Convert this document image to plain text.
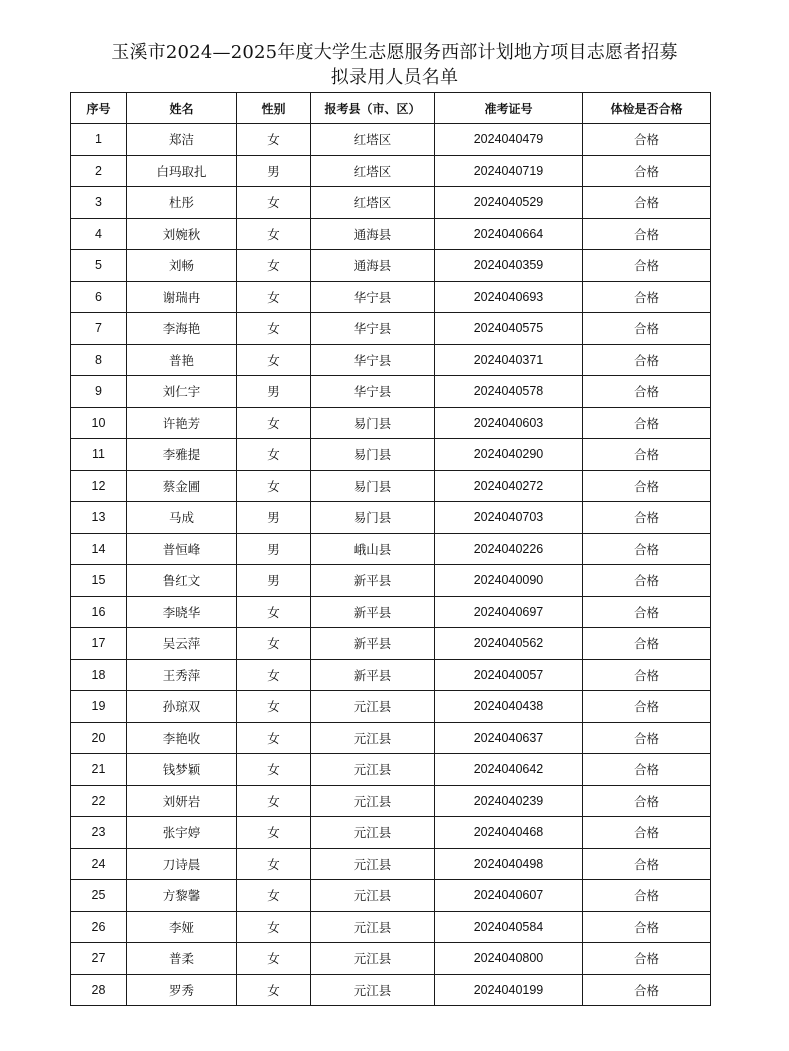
玉溪市2024—2025年度大学生志愿服务西部计划地方项目志愿者招募
拟录用人员名单
序号	姓名	性别	报考县（市、区）	准考证号	体检是否合格
1	郑洁	女	红塔区	2024040479	合格
2	白玛取扎	男	红塔区	2024040719	合格
3	杜彤	女	红塔区	2024040529	合格
4	刘婉秋	女	通海县	2024040664	合格
5	刘畅	女	通海县	2024040359	合格
6	谢瑞冉	女	华宁县	2024040693	合格
7	李海艳	女	华宁县	2024040575	合格
8	普艳	女	华宁县	2024040371	合格
9	刘仁宇	男	华宁县	2024040578	合格
10	许艳芳	女	易门县	2024040603	合格
11	李雅提	女	易门县	2024040290	合格
12	蔡金圃	女	易门县	2024040272	合格
13	马成	男	易门县	2024040703	合格
14	普恒峰	男	峨山县	2024040226	合格
15	鲁红文	男	新平县	2024040090	合格
16	李晓华	女	新平县	2024040697	合格
17	吴云萍	女	新平县	2024040562	合格
18	王秀萍	女	新平县	2024040057	合格
19	孙琼双	女	元江县	2024040438	合格
20	李艳收	女	元江县	2024040637	合格
21	钱梦颖	女	元江县	2024040642	合格
22	刘妍岩	女	元江县	2024040239	合格
23	张宇婷	女	元江县	2024040468	合格
24	刀诗晨	女	元江县	2024040498	合格
25	方黎馨	女	元江县	2024040607	合格
26	李娅	女	元江县	2024040584	合格
27	普柔	女	元江县	2024040800	合格
28	罗秀	女	元江县	2024040199	合格
